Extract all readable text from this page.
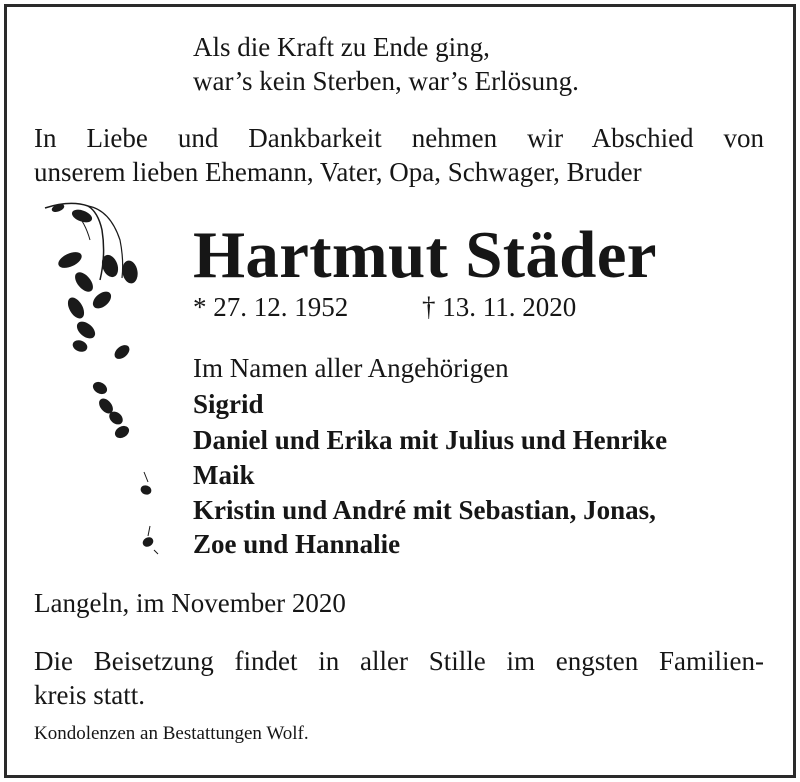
Als die Kraft zu Ende ging,
war’s kein Sterben, war’s Erlösung.
In Liebe und Dankbarkeit nehmen wir Abschied von
unserem lieben Ehemann, Vater, Opa, Schwager, Bruder
Hartmut Städer
* 27. 12. 1952	† 13. 11. 2020
Im Namen aller Angehörigen
Sigrid
Daniel und Erika mit Julius und Henrike
Maik
Kristin und André mit Sebastian, Jonas,
Zoe und Hannalie
Langeln, im November 2020
Die Beisetzung findet in aller Stille im engsten Familien-
kreis statt.
Kondolenzen an Bestattungen Wolf.
